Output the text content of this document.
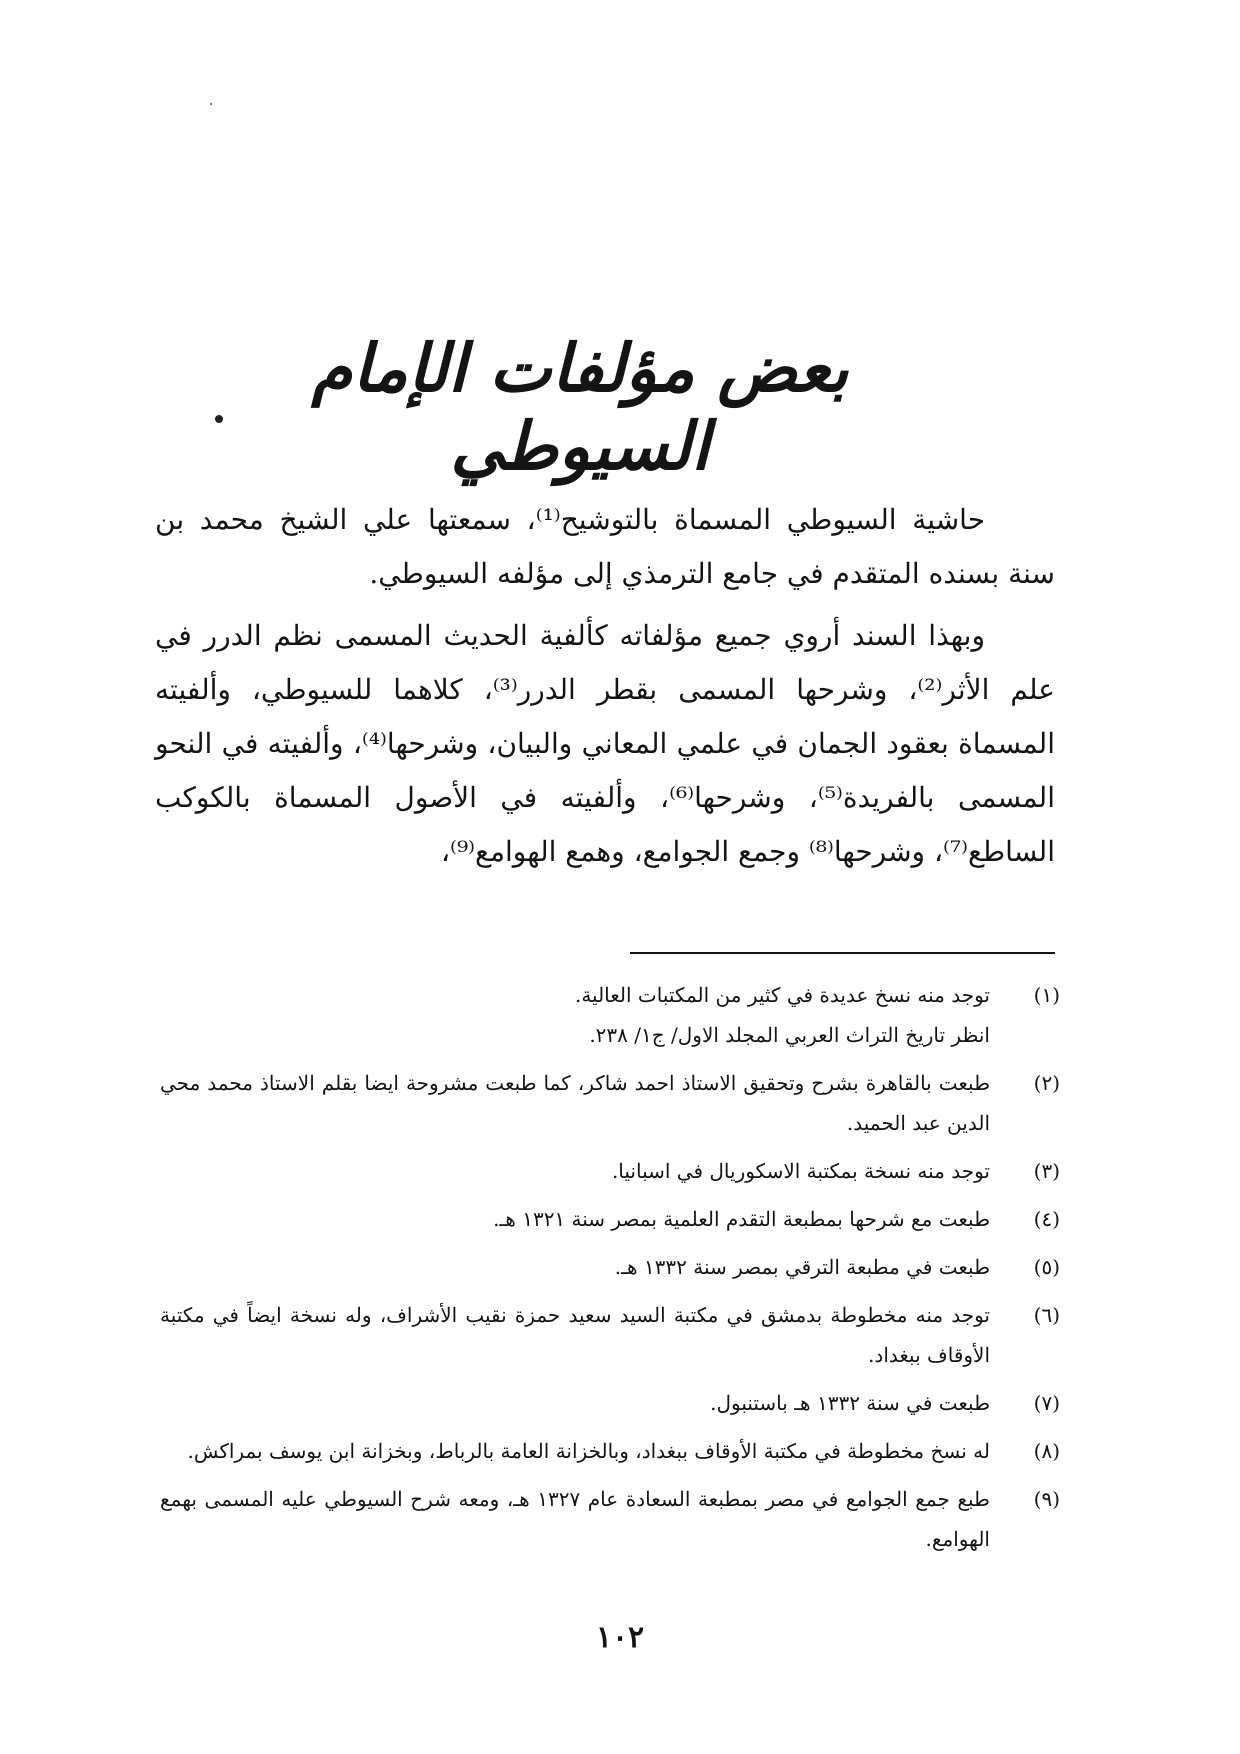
بعض مؤلفات الإمام السيوطي

حاشية السيوطي المسماة بالتوشيح⁽¹⁾، سمعتها علي الشيخ محمد بن سنة بسنده المتقدم في جامع الترمذي إلى مؤلفه السيوطي.

وبهذا السند أروي جميع مؤلفاته كألفية الحديث المسمى نظم الدرر في علم الأثر⁽²⁾، وشرحها المسمى بقطر الدرر⁽³⁾، كلاهما للسيوطي، وألفيته المسماة بعقود الجمان في علمي المعاني والبيان، وشرحها⁽⁴⁾، وألفيته في النحو المسمى بالفريدة⁽⁵⁾، وشرحها⁽⁶⁾، وألفيته في الأصول المسماة بالكوكب الساطع⁽⁷⁾، وشرحها⁽⁸⁾ وجمع الجوامع، وهمع الهوامع⁽⁹⁾،

(١)
توجد منه نسخ عديدة في كثير من المكتبات العالية.
انظر تاريخ التراث العربي المجلد الاول/ ج١/ ٢٣٨.
(٢)
طبعت بالقاهرة بشرح وتحقيق الاستاذ احمد شاكر، كما طبعت مشروحة ايضا بقلم الاستاذ محمد محي الدين عبد الحميد.
(٣)
توجد منه نسخة بمكتبة الاسكوريال في اسبانيا.
(٤)
طبعت مع شرحها بمطبعة التقدم العلمية بمصر سنة ١٣٢١ هـ.
(٥)
طبعت في مطبعة الترقي بمصر سنة ١٣٣٢ هـ.
(٦)
توجد منه مخطوطة بدمشق في مكتبة السيد سعيد حمزة نقيب الأشراف، وله نسخة ايضاً في مكتبة الأوقاف ببغداد.
(٧)
طبعت في سنة ١٣٣٢ هـ باستنبول.
(٨)
له نسخ مخطوطة في مكتبة الأوقاف ببغداد، وبالخزانة العامة بالرباط، وبخزانة ابن يوسف بمراكش.
(٩)
طبع جمع الجوامع في مصر بمطبعة السعادة عام ١٣٢٧ هـ، ومعه شرح السيوطي عليه المسمى بهمع الهوامع.
١٠٢
